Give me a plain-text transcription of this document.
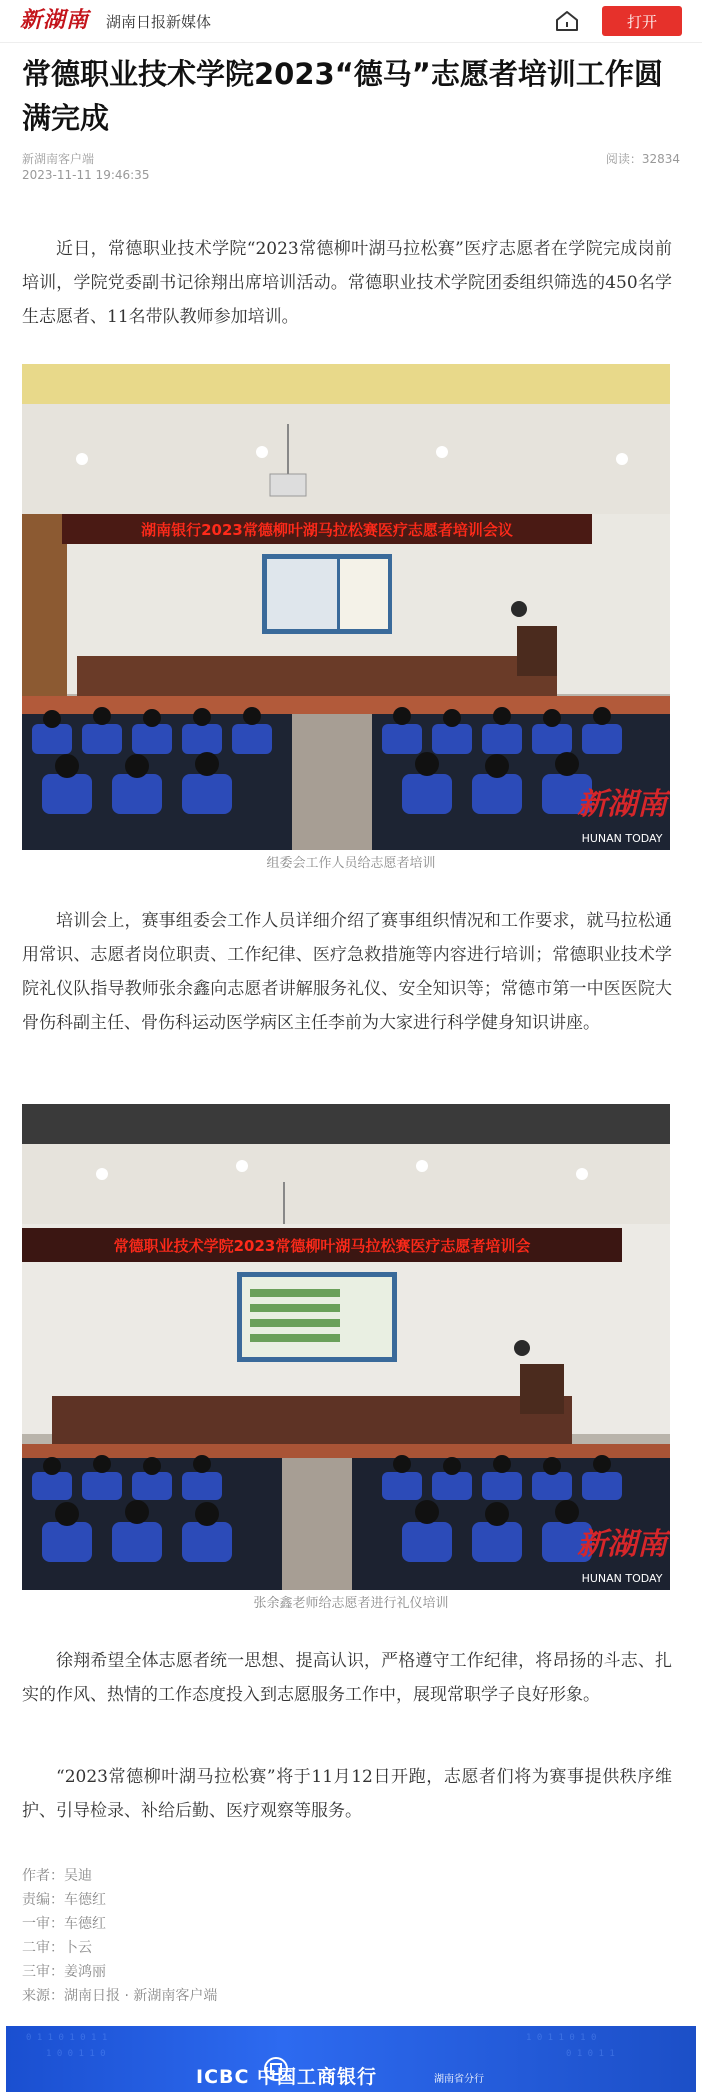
新湖南 湖南日报新媒体	打开
常德职业技术学院2023“德马”志愿者培训工作圆满完成
新湖南客户端
2023-11-11 19:46:35
阅读：32834
近日，常德职业技术学院“2023常德柳叶湖马拉松赛”医疗志愿者在学院完成岗前培训，学院党委副书记徐翔出席培训活动。常德职业技术学院团委组织筛选的450名学生志愿者、11名带队教师参加培训。
湖南银行2023常德柳叶湖马拉松赛医疗志愿者培训会议
新湖南
HUNAN TODAY
组委会工作人员给志愿者培训
培训会上，赛事组委会工作人员详细介绍了赛事组织情况和工作要求，就马拉松通用常识、志愿者岗位职责、工作纪律、医疗急救措施等内容进行培训；常德职业技术学院礼仪队指导教师张余鑫向志愿者讲解服务礼仪、安全知识等；常德市第一中医医院大骨伤科副主任、骨伤科运动医学病区主任李前为大家进行科学健身知识讲座。
常德职业技术学院2023常德柳叶湖马拉松赛医疗志愿者培训会
新湖南
HUNAN TODAY
张余鑫老师给志愿者进行礼仪培训
徐翔希望全体志愿者统一思想、提高认识，严格遵守工作纪律，将昂扬的斗志、扎实的作风、热情的工作态度投入到志愿服务工作中，展现常职学子良好形象。
“2023常德柳叶湖马拉松赛”将于11月12日开跑，志愿者们将为赛事提供秩序维护、引导检录、补给后勤、医疗观察等服务。
作者：吴迪
责编：车德红
一审：车德红
二审：卜云
三审：姜鸿丽
来源：湖南日报 · 新湖南客户端
0 1 1 0 1 0 1 1
1 0 0 1 1 0
1 0 1 1 0 1 0
0 1 0 1 1
ICBC 中国工商银行	湖南省分行
